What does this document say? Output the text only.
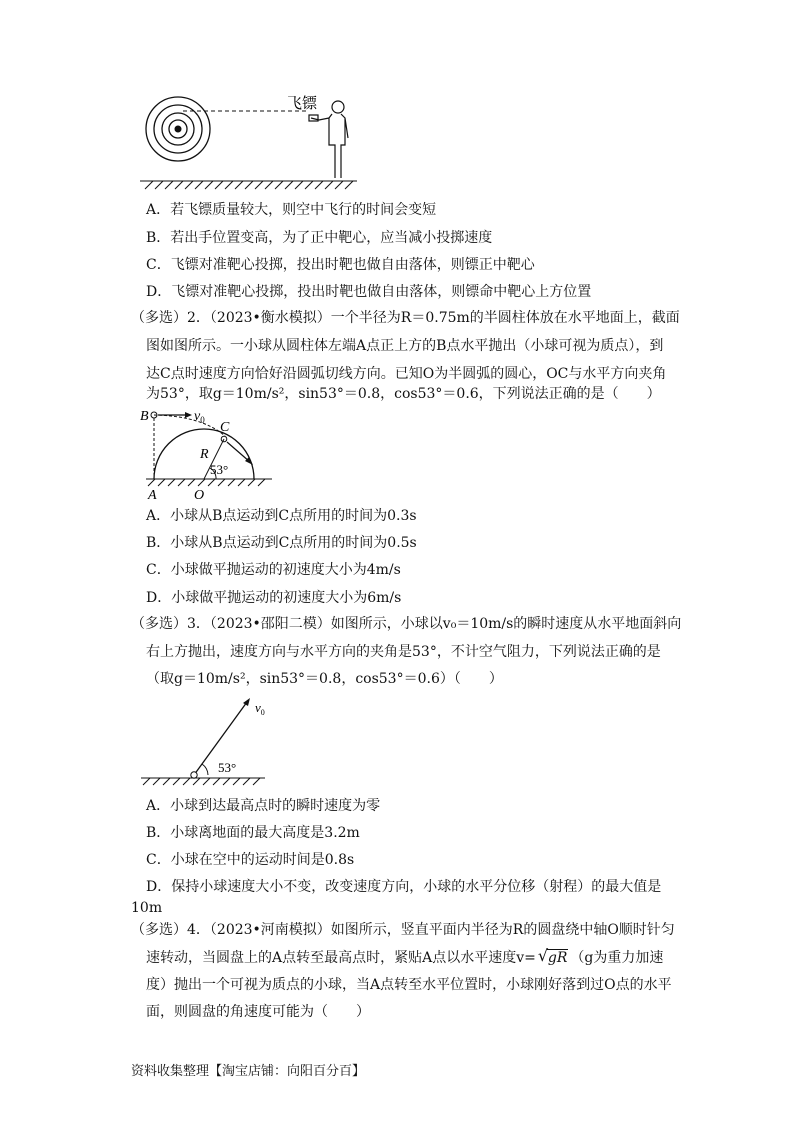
飞镖
A．若飞镖质量较大，则空中飞行的时间会变短
B．若出手位置变高，为了正中靶心，应当减小投掷速度
C．飞镖对准靶心投掷，投出时靶也做自由落体，则镖正中靶心
D．飞镖对准靶心投掷，投出时靶也做自由落体，则镖命中靶心上方位置
（多选）2．（2023•衡水模拟）一个半径为R＝0.75m的半圆柱体放在水平地面上，截面
图如图所示。一小球从圆柱体左端A点正上方的B点水平抛出（小球可视为质点），到
达C点时速度方向恰好沿圆弧切线方向。已知O为半圆弧的圆心，OC与水平方向夹角
为53°，取g＝10m/s²，sin53°＝0.8，cos53°＝0.6，下列说法正确的是（　　）
B	$v_0$ C
R
53°
A	O
A．小球从B点运动到C点所用的时间为0.3s
B．小球从B点运动到C点所用的时间为0.5s
C．小球做平抛运动的初速度大小为4m/s
D．小球做平抛运动的初速度大小为6m/s
（多选）3．（2023•邵阳二模）如图所示，小球以v₀＝10m/s的瞬时速度从水平地面斜向
右上方抛出，速度方向与水平方向的夹角是53°，不计空气阻力，下列说法正确的是
（取g＝10m/s²，sin53°＝0.8，cos53°＝0.6）（　　）
$v_0$
53°
A．小球到达最高点时的瞬时速度为零
B．小球离地面的最大高度是3.2m
C．小球在空中的运动时间是0.8s
D．保持小球速度大小不变，改变速度方向，小球的水平分位移（射程）的最大值是
10m
（多选）4．（2023•河南模拟）如图所示，竖直平面内半径为R的圆盘绕中轴O顺时针匀
速转动，当圆盘上的A点转至最高点时，紧贴A点以水平速度v= √ gR （g为重力加速
度）抛出一个可视为质点的小球，当A点转至水平位置时，小球刚好落到过O点的水平
面，则圆盘的角速度可能为（　　）
资料收集整理【淘宝店铺：向阳百分百】
